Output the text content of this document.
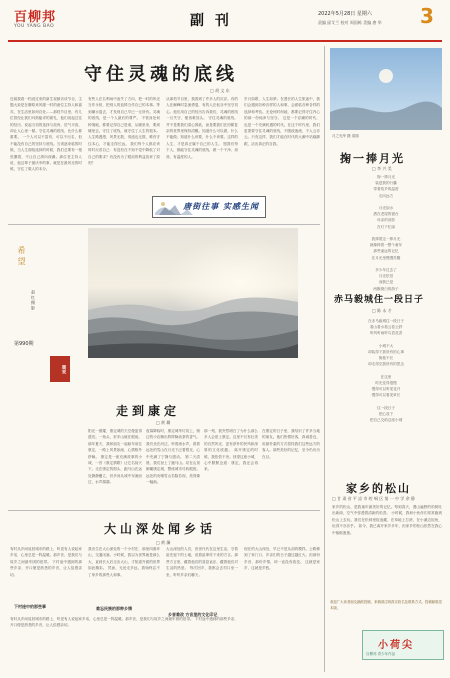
百柳邦
YOU YANG BAO	副 刊	2022年5月28日 星期六
责编 邱艾兰 校对 周国栋 美编 唐 华 3
守住灵魂的底线
□ 胡 文 东
近闻我看一档说过来的新生视频访谈节目，主题大致是在聊原来风靡一时的诸位主持人和嘉宾，在生活里如何自处……那档节目里，有几位曾经让我们耳熟能详的面孔，他们说起过往的经历，说起当初的选择与放弃，语气平淡，却让人心里一紧。守住灵魂的底线，比什么都重要。 一个人可以不富有，可以不出名，但不能没有自己的坚持与底线。当诱惑来临的时候，当人生面临选择的时候，我们总要有一根弦绷着，不让自己滑向深渊。那位老主持人说，他这辈子最庆幸的事，就是在最风光的时候，守住了做人的本分。
有些人在名利场中迷失了方向，把一时的风光当作永恒，把别人的追捧当作自己的本事。等到潮水退去，才发现自己早已一无所有。灵魂的底线，是一个人最后的尊严。 不管身处何种境地，都要记得自己是谁，从哪里来，要到哪里去。守住了底线，就守住了人生的根本。人生路漫漫，风景无数，诱惑也无数，唯有守住本心，才能走得长远。 我们每个人都应该时时反省自己：有没有在不知不觉中降低了对自己的要求？有没有为了眼前的利益放弃了原则？
从那档节目里，我看到了许多人的沉浮。有的人在巅峰时急流勇退，有的人在低谷中坚守初心。他们用自己的经历告诉我们，灵魂的底线一旦失守，便再难回头。 守住灵魂的底线，并不是要我们清心寡欲，而是要我们在纷繁复杂的世界里保持清醒。知道什么可以做，什么不能做；知道什么该要，什么不该要。这样的人生，才是真正属于自己的人生。 愿我们每个人，都能守住灵魂的底线，做一个干净、坦荡、有温度的人。
岁月如歌，人生如梦。在漫长的人生旅途中，我们会遇到各种各样的人和事，会面临各种各样的选择和考验。无论何时何地，都要记得守住内心的那一份纯净与坚守。 这是一个浮躁的时代，也是一个充满机遇的时代。在这个时代里，我们更需要守住灵魂的底线，不随波逐流，不人云亦云。只有这样，我们才能在时代的大潮中站稳脚跟，活出真正的自我。
唐街往事 实感生闻
希望
赵 红 摄 影
第990期
周末
走到康定
□ 黄 璐
阳光一照耀，康定城的天空便蓝得透亮。一抬头，折多山就在眼前。那年夏天，我和朋友一起驱车前往康定，一路上风景如画，心情格外舒畅。 康定是一座充满故事的小城，一首《康定情歌》让它名扬天下。走在康定的街头，跑马山在远处静静矗立，折多河从城中穿流而过，水声潺潺。
夜幕降临时，康定城华灯初上，街边的小店飘出阵阵酥油茶的香气。我们坐在河边，听着流水声，看着远处的雪山在月光下泛着银光，心中充满了宁静与感动。 第二天清晨，我们登上了跑马山。站在山顶俯瞰康定城，整座城市尽收眼底。远处的贡嘎雪山若隐若现，美得像一幅画。
那一刻，我突然明白了为什么那么多人会爱上康定。这里不仅有壮美的自然风光，更有淳朴的民风和深厚的文化底蕴。 离开康定的时候，我依依不舍。回望这座小城，心中默默念道：康定，我还会再来。
在康定的日子里，我结识了许多当地的朋友。他们热情好客，真诚善良，用最朴素的方式招待我们这些远方的客人。那些美好的记忆，至今仍历历在目。
大山深处闻乡话
□ 黄 澜
有时从乡间返回城市的路上，听见有人说起家乡话，心里总是一阵温暖。那乡音，是我们与故乡之间最牢固的纽带。 下村途中遇到的那些乡亲，开口便是熟悉的乡音，让人倍感亲切。
下村途中的那些事
我出生在大山深处的一个小村庄，那里四面环山，交通闭塞。小时候，我以为世界就是那么大，直到长大后走出大山，才知道外面的世界如此精彩。 然而，无论走多远，我始终忘不了家乡的那些人和事。
难忘民族的那种乡情
大山深处的人们，世世代代在这里生活，守着祖先留下的土地，说着祖辈传下来的方言。那些方言里，藏着他们的喜怒哀乐，藏着他们对生活的热爱。 每次回乡，我都会去村口坐一坐，听听乡亲们聊天。
乡音难改 方言里的文化印记
现在的大山深处，早已不是从前的模样。公路修到了家门口，乡亲们的日子越过越红火。但那份乡音、那份乡情，却一直没有改变。 这就是家乡，这就是乡愁。
有时从乡间返回城市的路上，听见有人说起家乡话，心里总是一阵温暖。那乡音，是我们与故乡之间最牢固的纽带。 下村途中遇到的那些乡亲，开口便是熟悉的乡音，让人倍感亲切。
月之光华 摄 清瑞
掬一捧月光
□ 李 兴 美
掬一捧月光
装进我的行囊
带着故乡的温度
走向远方

月光如水
洒在老屋的窗台
母亲的身影
在灯下忙碌

我捧着这一捧月光
就像捧着一整个童年
那些遥远的记忆
在月光里慢慢苏醒

多少年过去了
月光依旧
而我已是
两鬓斑白的游子
赤马毅城住一段日子
□ 陈 永 才
在赤马毅城住一段日子
看山看水看云卷云舒
听风听雨听鸟语花香

小城不大
却装得下我所有的心事
街巷不长
却走得完我所有的思念

在这里
时光变得很慢
慢得可以听见花开
慢得可以看见草长

住一段日子
把心放下
把自己交给这座小城
家乡的松山
□ 甘 肃 省 平 凉 市 崆 峒 区 第 一 中 学 余 静
家乡的松山，是我童年最美好的记忆。每到春天，漫山遍野的松树吐出新绿，空气中弥漫着清新的松香。 小时候，我和小伙伴们常常跑到松山上去玩。我们在松林里捉迷藏，在草地上打滚，在小溪边捉鱼，玩得不亦乐乎。 如今，我已离开家乡多年，但家乡的松山依然在我心中郁郁葱葱。
欢迎广大读者朋友踊跃投稿，来稿请注明真实姓名及联系方式。投稿邮箱见本版。
小荷尖
百柳邦 青少年作品
